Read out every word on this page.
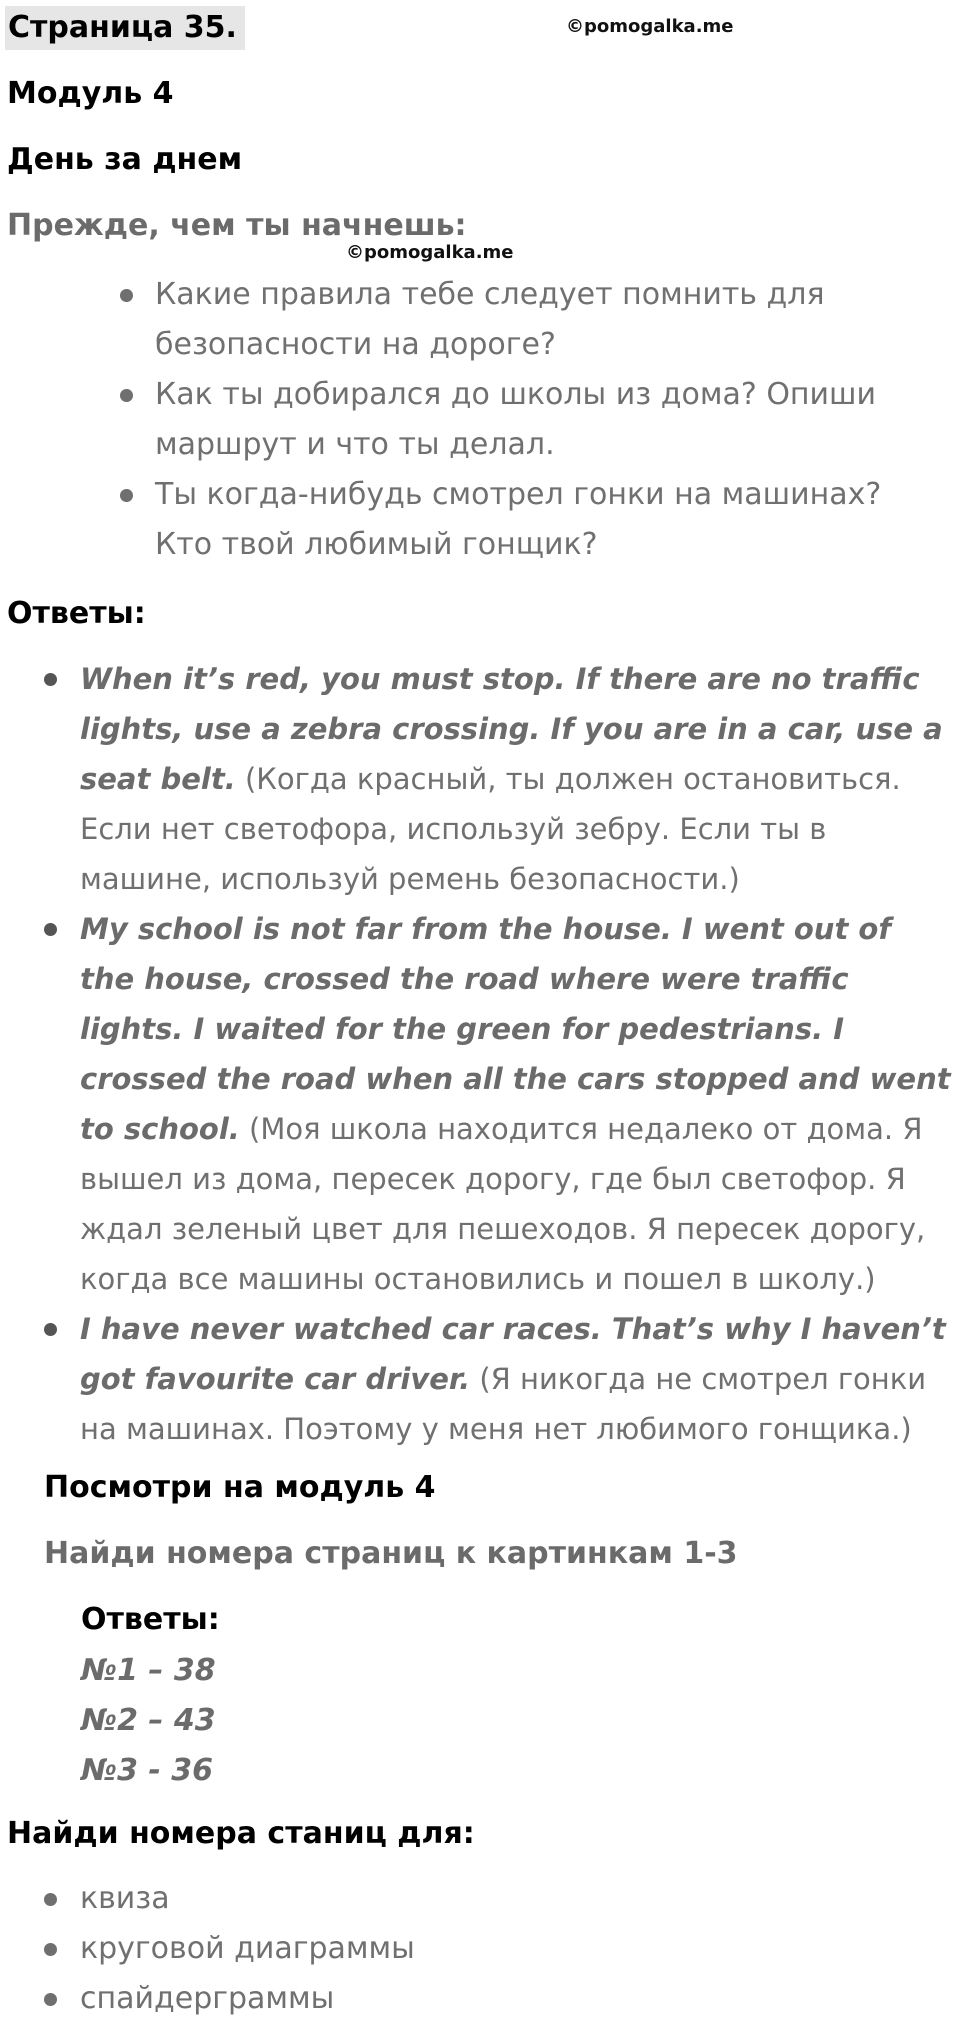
Страница 35.	©pomogalka.me
Модуль 4
День за днем
Прежде, чем ты начнешь:
©pomogalka.me
Какие правила тебе следует помнить для безопасности на дороге?
Как ты добирался до школы из дома? Опиши маршрут и что ты делал.
Ты когда-нибудь смотрел гонки на машинах? Кто твой любимый гонщик?
Ответы:
When it’s red, you must stop. If there are no traffic lights, use a zebra crossing. If you are in a car, use a seat belt. (Когда красный, ты должен остановиться. Если нет светофора, используй зебру. Если ты в машине, используй ремень безопасности.)
My school is not far from the house. I went out of the house, crossed the road where were traffic lights. I waited for the green for pedestrians. I crossed the road when all the cars stopped and went to school. (Моя школа находится недалеко от дома. Я вышел из дома, пересек дорогу, где был светофор. Я ждал зеленый цвет для пешеходов. Я пересек дорогу, когда все машины остановились и пошел в школу.)
I have never watched car races. That’s why I haven’t got favourite car driver. (Я никогда не смотрел гонки на машинах. Поэтому у меня нет любимого гонщика.)
Посмотри на модуль 4
Найди номера страниц к картинкам 1-3
Ответы:
№1 – 38
№2 – 43
№3 - 36
Найди номера станиц для:
квиза
круговой диаграммы
спайдерграммы
